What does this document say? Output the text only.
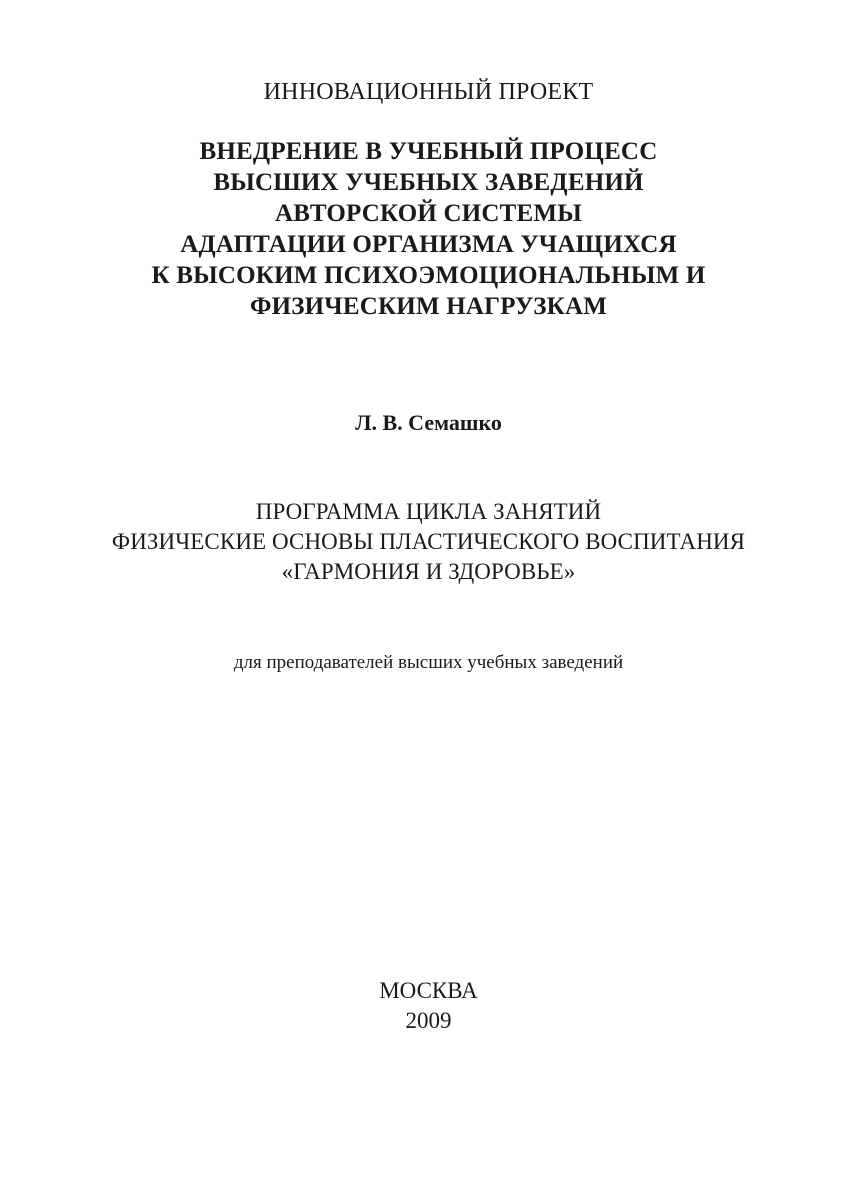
ИННОВАЦИОННЫЙ ПРОЕКТ

ВНЕДРЕНИЕ В УЧЕБНЫЙ ПРОЦЕСС
ВЫСШИХ УЧЕБНЫХ ЗАВЕДЕНИЙ
АВТОРСКОЙ СИСТЕМЫ
АДАПТАЦИИ ОРГАНИЗМА УЧАЩИХСЯ
К ВЫСОКИМ ПСИХОЭМОЦИОНАЛЬНЫМ И
ФИЗИЧЕСКИМ НАГРУЗКАМ

Л. В. Семашко

ПРОГРАММА ЦИКЛА ЗАНЯТИЙ
ФИЗИЧЕСКИЕ ОСНОВЫ ПЛАСТИЧЕСКОГО ВОСПИТАНИЯ
«ГАРМОНИЯ И ЗДОРОВЬЕ»

для преподавателей высших учебных заведений

МОСКВА

2009
